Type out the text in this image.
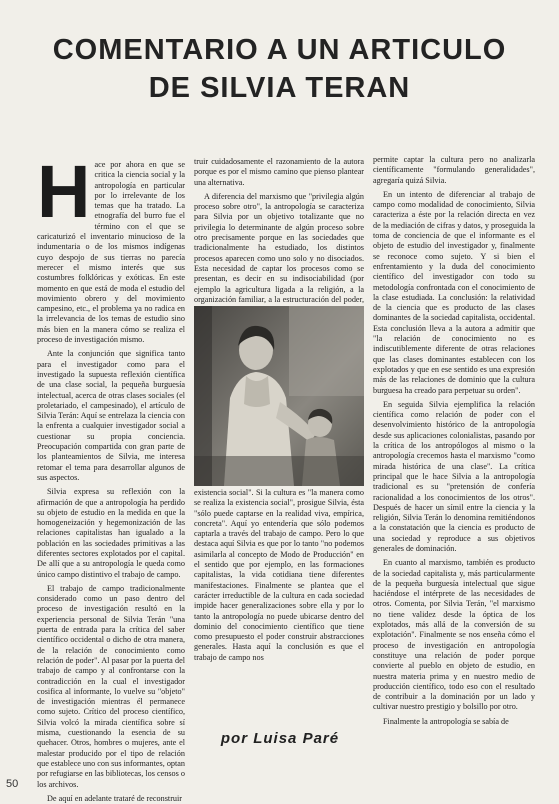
COMENTARIO A UN ARTICULO
DE SILVIA TERAN
H ace por ahora en que se critica la ciencia social y la antropología en particular por lo irrelevante de los temas que ha tratado. La etnografía del burro fue el término con el que se caricaturizó el inventario minucioso de la indumentaria o de los mismos indígenas cuyo despojo de sus tierras no parecía merecer el mismo interés que sus costumbres folklóricas y exóticas. En este momento en que está de moda el estudio del movimiento obrero y del movimiento campesino, etc., el problema ya no radica en la irrelevancia de los temas de estudio sino más bien en la manera cómo se realiza el proceso de investigación mismo.

Ante la conjunción que significa tanto para el investigador como para el investigado la supuesta reflexión científica de una clase social, la pequeña burguesía intelectual, acerca de otras clases sociales (el proletariado, el campesinado), el artículo de Silvia Terán: Aquí se entrelaza la ciencia con la enfrenta a cualquier investigador social a cuestionar su propia conciencia. Preocupación compartida con gran parte de los planteamientos de Silvia, me interesa retomar el tema para desarrollar algunos de sus aspectos.

Silvia expresa su reflexión con la afirmación de que a antropología ha perdido su objeto de estudio en la medida en que la homogeneización y hegemonización de las relaciones capitalistas han igualado a la población en las sociedades primitivas a las diferentes sectores explotados por el capital. De allí que a su antropología le queda como único campo distintivo el trabajo de campo.

El trabajo de campo tradicionalmente considerado como un paso dentro del proceso de investigación resultó en la experiencia personal de Silvia Terán "una puerta de entrada para la crítica del saber científico occidental o dicho de otra manera, de la relación de conocimiento como relación de poder". Al pasar por la puerta del trabajo de campo y al confrontarse con la contradicción en la cual el investigador cosifica al informante, lo vuelve su "objeto" de investigación mientras él permanece como sujeto. Crítico del proceso científico, Silvia volcó la mirada científica sobre sí misma, cuestionando la esencia de su quehacer. Otros, hombres o mujeres, ante el malestar producido por el tipo de relación que establece uno con sus informantes, optan por refugiarse en las bibliotecas, los censos o los archivos.

De aquí en adelante trataré de reconstruir

truir cuidadosamente el razonamiento de la autora porque es por el mismo camino que pienso plantear una alternativa.

A diferencia del marxismo que "privilegia algún proceso sobre otro", la antropología se caracteriza para Silvia por un objetivo totalizante que no privilegia lo determinante de algún proceso sobre otro precisamente porque en las sociedades que tradicionalmente ha estudiado, los distintos procesos aparecen como uno solo y no disociados. Esta necesidad de captar los procesos como se presentan, es decir en su indisociabilidad (por ejemplo la agricultura ligada a la religión, a la organización familiar, a la estructuración del poder,

existencia social". Si la cultura es "la manera como se realiza la existencia social", prosigue Silvia, ésta "sólo puede captarse en la realidad viva, empírica, concreta". Aquí yo entendería que sólo podemos captarla a través del trabajo de campo. Pero lo que destaca aquí Silvia es que por lo tanto "no podemos asimilarla al concepto de Modo de Producción" en el sentido que por ejemplo, en las formaciones capitalistas, la vida cotidiana tiene diferentes manifestaciones. Finalmente se plantea que el carácter irreductible de la cultura en cada sociedad impide hacer generalizaciones sobre ella y por lo tanto la antropología no puede ubicarse dentro del dominio del conocimiento científico que tiene como presupuesto el poder construir abstracciones generales. Hasta aquí la conclusión es que el trabajo de campo nos

por Luisa Paré

permite captar la cultura pero no analizarla científicamente "formulando generalidades", agregaría quizá Silvia.

En un intento de diferenciar al trabajo de campo como modalidad de conocimiento, Silvia caracteriza a éste por la relación directa en vez de la mediación de cifras y datos, y proseguida la toma de conciencia de que el informante es el objeto de estudio del investigador y, finalmente se reconoce como sujeto. Y si bien el enfrentamiento y la duda del conocimiento científico del investigador con todo su metodología confrontada con el conocimiento de la clase estudiada. La conclusión: la relatividad de la ciencia que es producto de las clases dominantes de la sociedad capitalista, occidental. Esta conclusión lleva a la autora a admitir que "la relación de conocimiento no es indiscutiblemente diferente de otras relaciones que las clases dominantes establecen con los explotados y que en ese sentido es una expresión más de las relaciones de dominio que la cultura burguesa ha creado para perpetuar su orden".

En seguida Silvia ejemplifica la relación científica como relación de poder con el desenvolvimiento histórico de la antropología desde sus aplicaciones colonialistas, pasando por la crítica de los antropólogos al mismo o la antropología crecemos hasta el marxismo "como mirada histórica de una clase". La crítica principal que le hace Silvia a la antropología tradicional es su "pretensión de confería racionalidad a los conocimientos de los otros". Después de hacer un símil entre la ciencia y la religión, Silvia Terán lo denomina remitiéndonos a la constatación que la ciencia es producto de una sociedad y reproduce a sus objetivos generales de dominación.

En cuanto al marxismo, también es producto de la sociedad capitalista y, más particularmente de la pequeña burguesía intelectual que sigue haciéndose el intérprete de las necesidades de otros. Comenta, por Silvia Terán, "el marxismo no tiene validez desde la óptica de los explotados, más allá de la conversión de su explotación". Finalmente se nos enseña cómo el proceso de investigación en antropología constituye una relación de poder porque convierte al pueblo en objeto de estudio, en nuestra materia prima y en nuestro medio de producción científico, todo eso con el resultado de contribuir a la dominación por un lado y cultivar nuestro prestigio y bolsillo por otro.

Finalmente la antropología se sabía de

50
